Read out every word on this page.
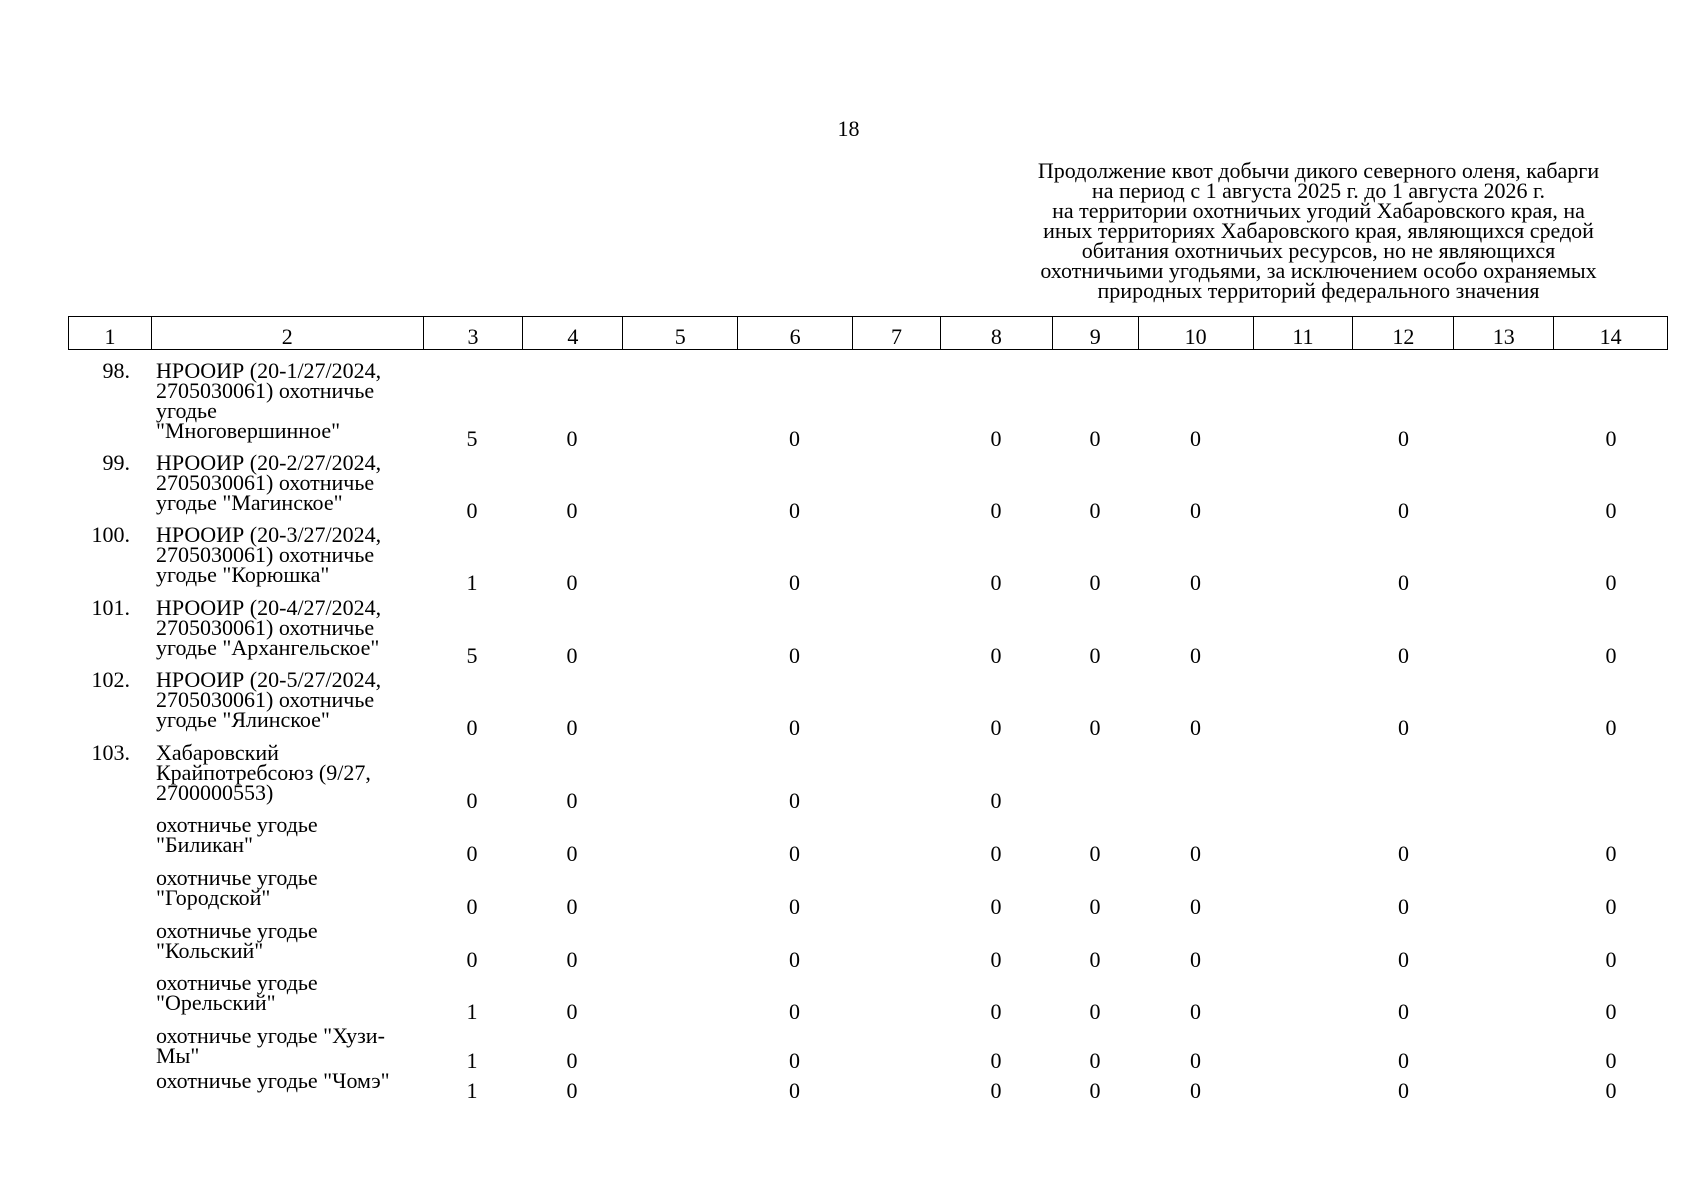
18
Продолжение квот добычи дикого северного оленя, кабарги
на период с 1 августа 2025 г. до 1 августа 2026 г.
на территории охотничьих угодий Хабаровского края, на
иных территориях Хабаровского края, являющихся средой
обитания охотничьих ресурсов, но не являющихся
охотничьими угодьями, за исключением особо охраняемых
природных территорий федерального значения
1	2	3	4	5	6	7	8	9	10	11	12	13	14
98. НРООИР (20-1/27/2024,
2705030061) охотничье
угодье
"Многовершинное"	5	0	0	0	0	0	0	0
99. НРООИР (20-2/27/2024,
2705030061) охотничье
угодье "Магинское"	0	0	0	0	0	0	0	0
100. НРООИР (20-3/27/2024,
2705030061) охотничье
угодье "Корюшка"	1	0	0	0	0	0	0	0
101. НРООИР (20-4/27/2024,
2705030061) охотничье
угодье "Архангельское"	5	0	0	0	0	0	0	0
102. НРООИР (20-5/27/2024,
2705030061) охотничье
угодье "Ялинское"	0	0	0	0	0	0	0	0
103. Хабаровский
Крайпотребсоюз (9/27,
2700000553)	0	0	0	0
охотничье угодье
"Биликан"	0	0	0	0	0	0	0	0
охотничье угодье
"Городской"	0	0	0	0	0	0	0	0
охотничье угодье
"Кольский"	0	0	0	0	0	0	0	0
охотничье угодье
"Орельский"	1	0	0	0	0	0	0	0
охотничье угодье "Хузи-
Мы"	1	0	0	0	0	0	0	0
охотничье угодье "Чомэ"	1	0	0	0	0	0	0	0
